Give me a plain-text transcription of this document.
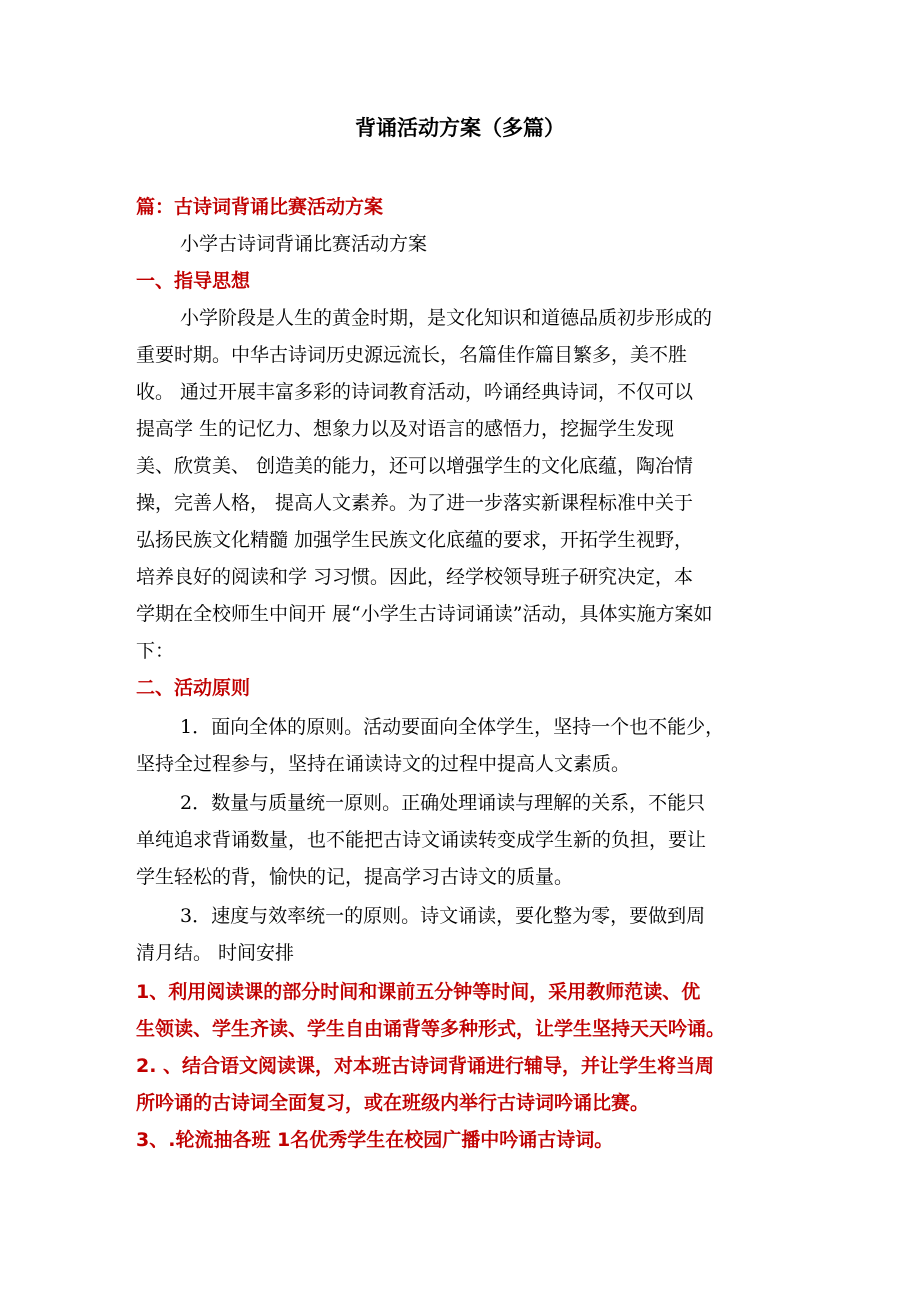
背诵活动方案（多篇）

篇：古诗词背诵比赛活动方案

小学古诗词背诵比赛活动方案

一、指导思想

小学阶段是人生的黄金时期，是文化知识和道德品质初步形成的

重要时期。中华古诗词历史源远流长，名篇佳作篇目繁多，美不胜

收。 通过开展丰富多彩的诗词教育活动，吟诵经典诗词，不仅可以

提高学 生的记忆力、想象力以及对语言的感悟力，挖掘学生发现

美、欣赏美、 创造美的能力，还可以增强学生的文化底蕴，陶冶情

操，完善人格， 提高人文素养。为了进一步落实新课程标准中关于

弘扬民族文化精髓 加强学生民族文化底蕴的要求，开拓学生视野，

培养良好的阅读和学 习习惯。因此，经学校领导班子研究决定，本

学期在全校师生中间开 展“小学生古诗词诵读”活动，具体实施方案如

下：

二、活动原则

1．面向全体的原则。活动要面向全体学生，坚持一个也不能少，

坚持全过程参与，坚持在诵读诗文的过程中提高人文素质。

2．数量与质量统一原则。正确处理诵读与理解的关系，不能只

单纯追求背诵数量，也不能把古诗文诵读转变成学生新的负担，要让

学生轻松的背，愉快的记，提高学习古诗文的质量。

3．速度与效率统一的原则。诗文诵读，要化整为零，要做到周

清月结。 时间安排

1、利用阅读课的部分时间和课前五分钟等时间，采用教师范读、优

生领读、学生齐读、学生自由诵背等多种形式，让学生坚持天天吟诵。

2. 、结合语文阅读课，对本班古诗词背诵进行辅导，并让学生将当周

所吟诵的古诗词全面复习，或在班级内举行古诗词吟诵比赛。

3、.轮流抽各班 1名优秀学生在校园广播中吟诵古诗词。
